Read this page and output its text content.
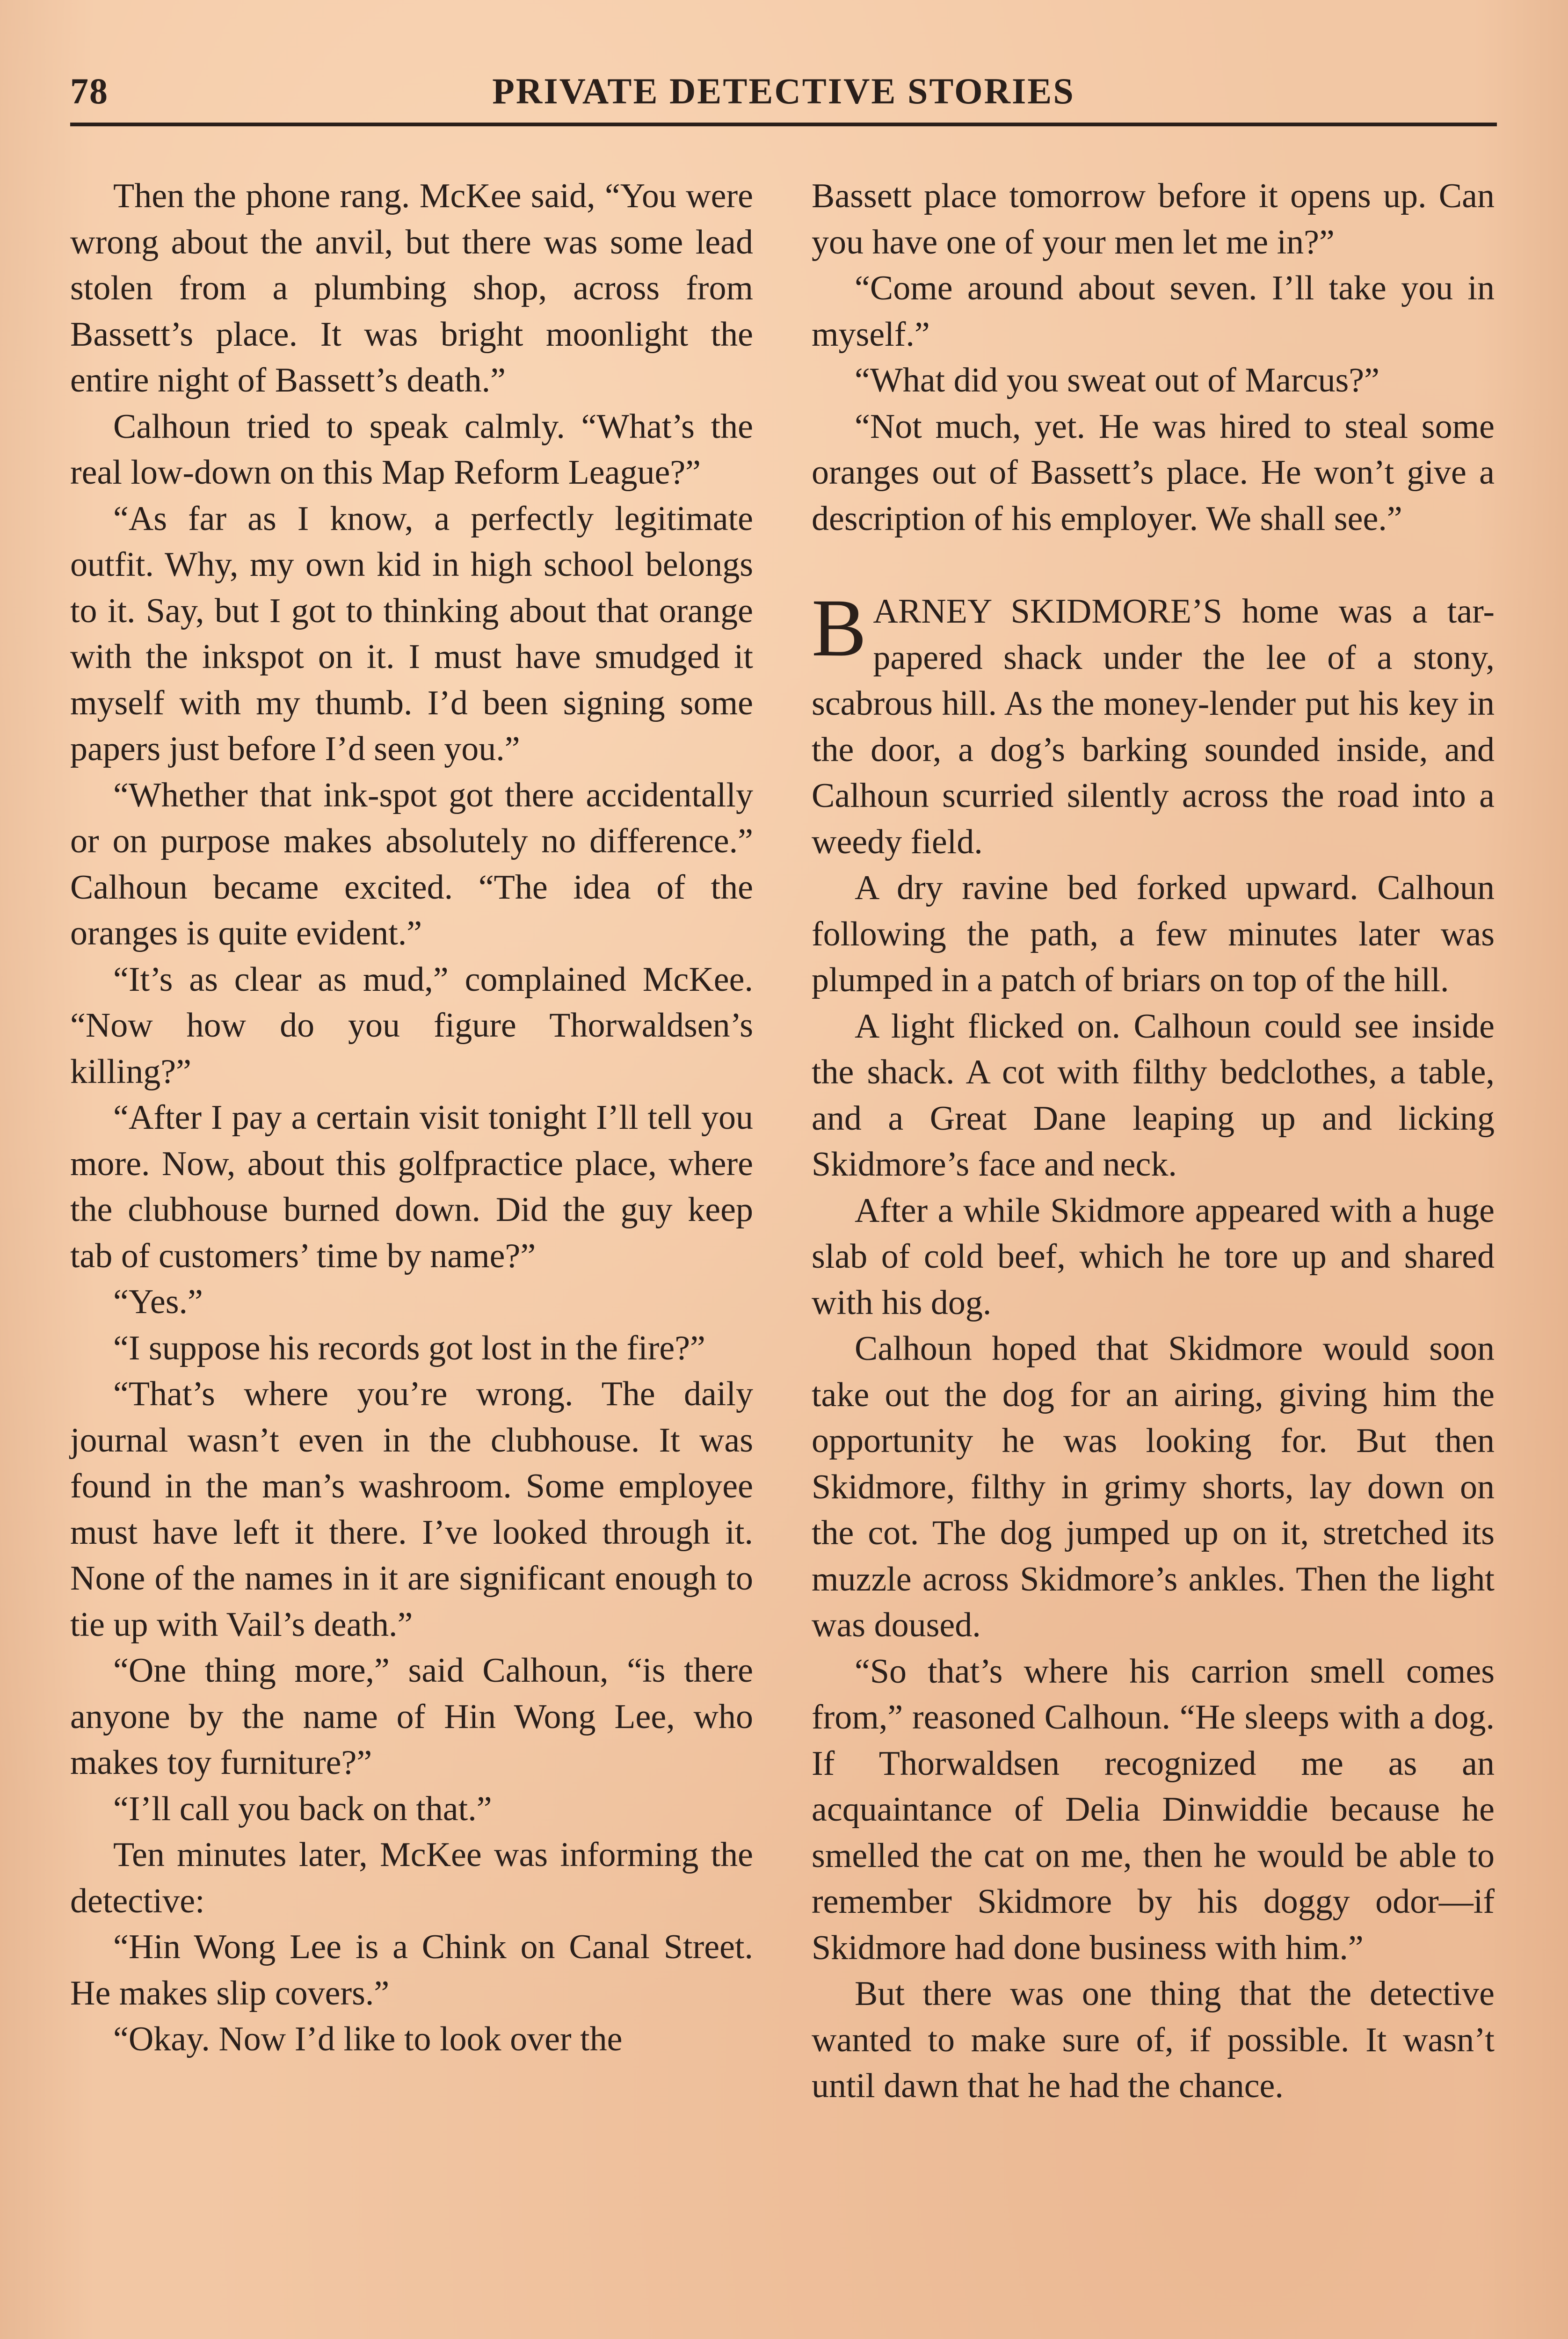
78	PRIVATE DETECTIVE STORIES

Then the phone rang. McKee said, “You were wrong about the anvil, but there was some lead stolen from a plumbing shop, across from Bassett’s place. It was bright moonlight the entire night of Bassett’s death.”

Calhoun tried to speak calmly. “What’s the real low-down on this Map Reform League?”

“As far as I know, a perfectly legitimate outfit. Why, my own kid in high school belongs to it. Say, but I got to thinking about that orange with the inkspot on it. I must have smudged it myself with my thumb. I’d been signing some papers just before I’d seen you.”

“Whether that ink-spot got there accidentally or on purpose makes absolutely no difference.” Calhoun became excited. “The idea of the oranges is quite evident.”

“It’s as clear as mud,” complained McKee. “Now how do you figure Thorwaldsen’s killing?”

“After I pay a certain visit tonight I’ll tell you more. Now, about this golfpractice place, where the clubhouse burned down. Did the guy keep tab of customers’ time by name?”

“Yes.”

“I suppose his records got lost in the fire?”

“That’s where you’re wrong. The daily journal wasn’t even in the clubhouse. It was found in the man’s washroom. Some employee must have left it there. I’ve looked through it. None of the names in it are significant enough to tie up with Vail’s death.”

“One thing more,” said Calhoun, “is there anyone by the name of Hin Wong Lee, who makes toy furniture?”

“I’ll call you back on that.”

Ten minutes later, McKee was informing the detective:

“Hin Wong Lee is a Chink on Canal Street. He makes slip covers.”

“Okay. Now I’d like to look over the

Bassett place tomorrow before it opens up. Can you have one of your men let me in?”

“Come around about seven. I’ll take you in myself.”

“What did you sweat out of Marcus?”

“Not much, yet. He was hired to steal some oranges out of Bassett’s place. He won’t give a description of his employer. We shall see.”

BARNEY SKIDMORE’S home was a tar-papered shack under the lee of a stony, scabrous hill. As the money-lender put his key in the door, a dog’s barking sounded inside, and Calhoun scurried silently across the road into a weedy field.

A dry ravine bed forked upward. Calhoun following the path, a few minutes later was plumped in a patch of briars on top of the hill.

A light flicked on. Calhoun could see inside the shack. A cot with filthy bedclothes, a table, and a Great Dane leaping up and licking Skidmore’s face and neck.

After a while Skidmore appeared with a huge slab of cold beef, which he tore up and shared with his dog.

Calhoun hoped that Skidmore would soon take out the dog for an airing, giving him the opportunity he was looking for. But then Skidmore, filthy in grimy shorts, lay down on the cot. The dog jumped up on it, stretched its muzzle across Skidmore’s ankles. Then the light was doused.

“So that’s where his carrion smell comes from,” reasoned Calhoun. “He sleeps with a dog. If Thorwaldsen recognized me as an acquaintance of Delia Dinwiddie because he smelled the cat on me, then he would be able to remember Skidmore by his doggy odor—if Skidmore had done business with him.”

But there was one thing that the detective wanted to make sure of, if possible. It wasn’t until dawn that he had the chance.
